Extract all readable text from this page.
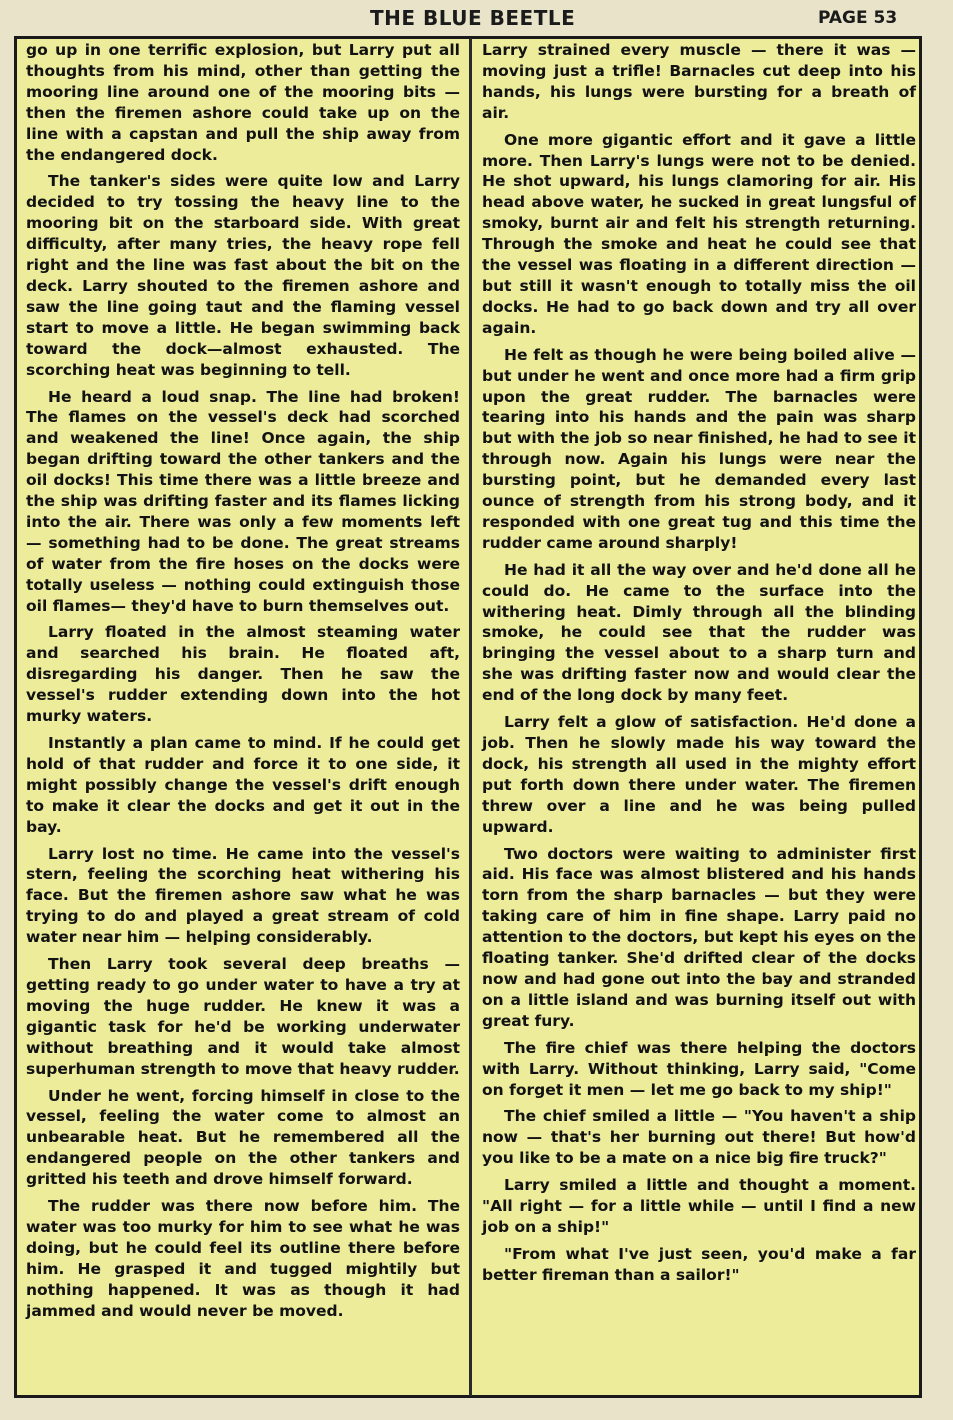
THE BLUE BEETLE	PAGE 53

go up in one terrific explosion, but Larry put all thoughts from his mind, other than getting the mooring line around one of the mooring bits — then the firemen ashore could take up on the line with a capstan and pull the ship away from the endangered dock.

The tanker's sides were quite low and Larry decided to try tossing the heavy line to the mooring bit on the starboard side. With great difficulty, after many tries, the heavy rope fell right and the line was fast about the bit on the deck. Larry shouted to the firemen ashore and saw the line going taut and the flaming vessel start to move a little. He began swimming back toward the dock—almost exhausted. The scorching heat was beginning to tell.

He heard a loud snap. The line had broken! The flames on the vessel's deck had scorched and weakened the line! Once again, the ship began drifting toward the other tankers and the oil docks! This time there was a little breeze and the ship was drifting faster and its flames licking into the air. There was only a few moments left — something had to be done. The great streams of water from the fire hoses on the docks were totally useless — nothing could extinguish those oil flames— they'd have to burn themselves out.

Larry floated in the almost steaming water and searched his brain. He floated aft, disregarding his danger. Then he saw the vessel's rudder extending down into the hot murky waters.

Instantly a plan came to mind. If he could get hold of that rudder and force it to one side, it might possibly change the vessel's drift enough to make it clear the docks and get it out in the bay.

Larry lost no time. He came into the vessel's stern, feeling the scorching heat withering his face. But the firemen ashore saw what he was trying to do and played a great stream of cold water near him — helping considerably.

Then Larry took several deep breaths — getting ready to go under water to have a try at moving the huge rudder. He knew it was a gigantic task for he'd be working underwater without breathing and it would take almost superhuman strength to move that heavy rudder.

Under he went, forcing himself in close to the vessel, feeling the water come to almost an unbearable heat. But he remembered all the endangered people on the other tankers and gritted his teeth and drove himself forward.

The rudder was there now before him. The water was too murky for him to see what he was doing, but he could feel its outline there before him. He grasped it and tugged mightily but nothing happened. It was as though it had jammed and would never be moved.

Larry strained every muscle — there it was — moving just a trifle! Barnacles cut deep into his hands, his lungs were bursting for a breath of air.

One more gigantic effort and it gave a little more. Then Larry's lungs were not to be denied. He shot upward, his lungs clamoring for air. His head above water, he sucked in great lungsful of smoky, burnt air and felt his strength returning. Through the smoke and heat he could see that the vessel was floating in a different direction — but still it wasn't enough to totally miss the oil docks. He had to go back down and try all over again.

He felt as though he were being boiled alive — but under he went and once more had a firm grip upon the great rudder. The barnacles were tearing into his hands and the pain was sharp but with the job so near finished, he had to see it through now. Again his lungs were near the bursting point, but he demanded every last ounce of strength from his strong body, and it responded with one great tug and this time the rudder came around sharply!

He had it all the way over and he'd done all he could do. He came to the surface into the withering heat. Dimly through all the blinding smoke, he could see that the rudder was bringing the vessel about to a sharp turn and she was drifting faster now and would clear the end of the long dock by many feet.

Larry felt a glow of satisfaction. He'd done a job. Then he slowly made his way toward the dock, his strength all used in the mighty effort put forth down there under water. The firemen threw over a line and he was being pulled upward.

Two doctors were waiting to administer first aid. His face was almost blistered and his hands torn from the sharp barnacles — but they were taking care of him in fine shape. Larry paid no attention to the doctors, but kept his eyes on the floating tanker. She'd drifted clear of the docks now and had gone out into the bay and stranded on a little island and was burning itself out with great fury.

The fire chief was there helping the doctors with Larry. Without thinking, Larry said, "Come on forget it men — let me go back to my ship!"

The chief smiled a little — "You haven't a ship now — that's her burning out there! But how'd you like to be a mate on a nice big fire truck?"

Larry smiled a little and thought a moment. "All right — for a little while — until I find a new job on a ship!"

"From what I've just seen, you'd make a far better fireman than a sailor!"
